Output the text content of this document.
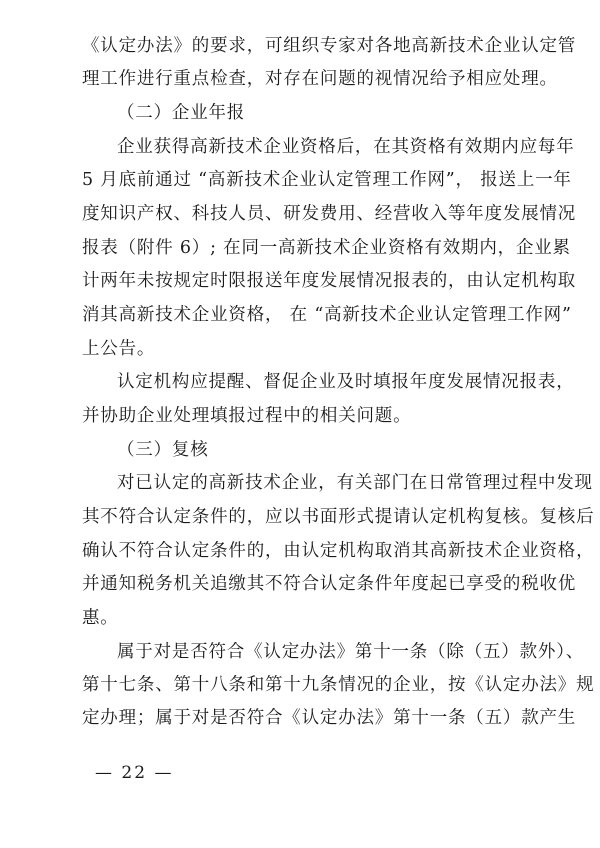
《认定办法》的要求，可组织专家对各地高新技术企业认定管
理工作进行重点检查，对存在问题的视情况给予相应处理。
（二）企业年报
企业获得高新技术企业资格后，在其资格有效期内应每年
5 月底前通过 “高新技术企业认定管理工作网”， 报送上一年
度知识产权、科技人员、研发费用、经营收入等年度发展情况
报表（附件 6）; 在同一高新技术企业资格有效期内，企业累
计两年未按规定时限报送年度发展情况报表的，由认定机构取
消其高新技术企业资格， 在 “高新技术企业认定管理工作网”
上公告。
认定机构应提醒、督促企业及时填报年度发展情况报表，
并协助企业处理填报过程中的相关问题。
（三）复核
对已认定的高新技术企业，有关部门在日常管理过程中发现
其不符合认定条件的，应以书面形式提请认定机构复核。复核后
确认不符合认定条件的，由认定机构取消其高新技术企业资格，
并通知税务机关追缴其不符合认定条件年度起已享受的税收优
惠。
属于对是否符合《认定办法》第十一条（除（五）款外）、
第十七条、第十八条和第十九条情况的企业，按《认定办法》规
定办理；属于对是否符合《认定办法》第十一条（五）款产生
— 22 —
